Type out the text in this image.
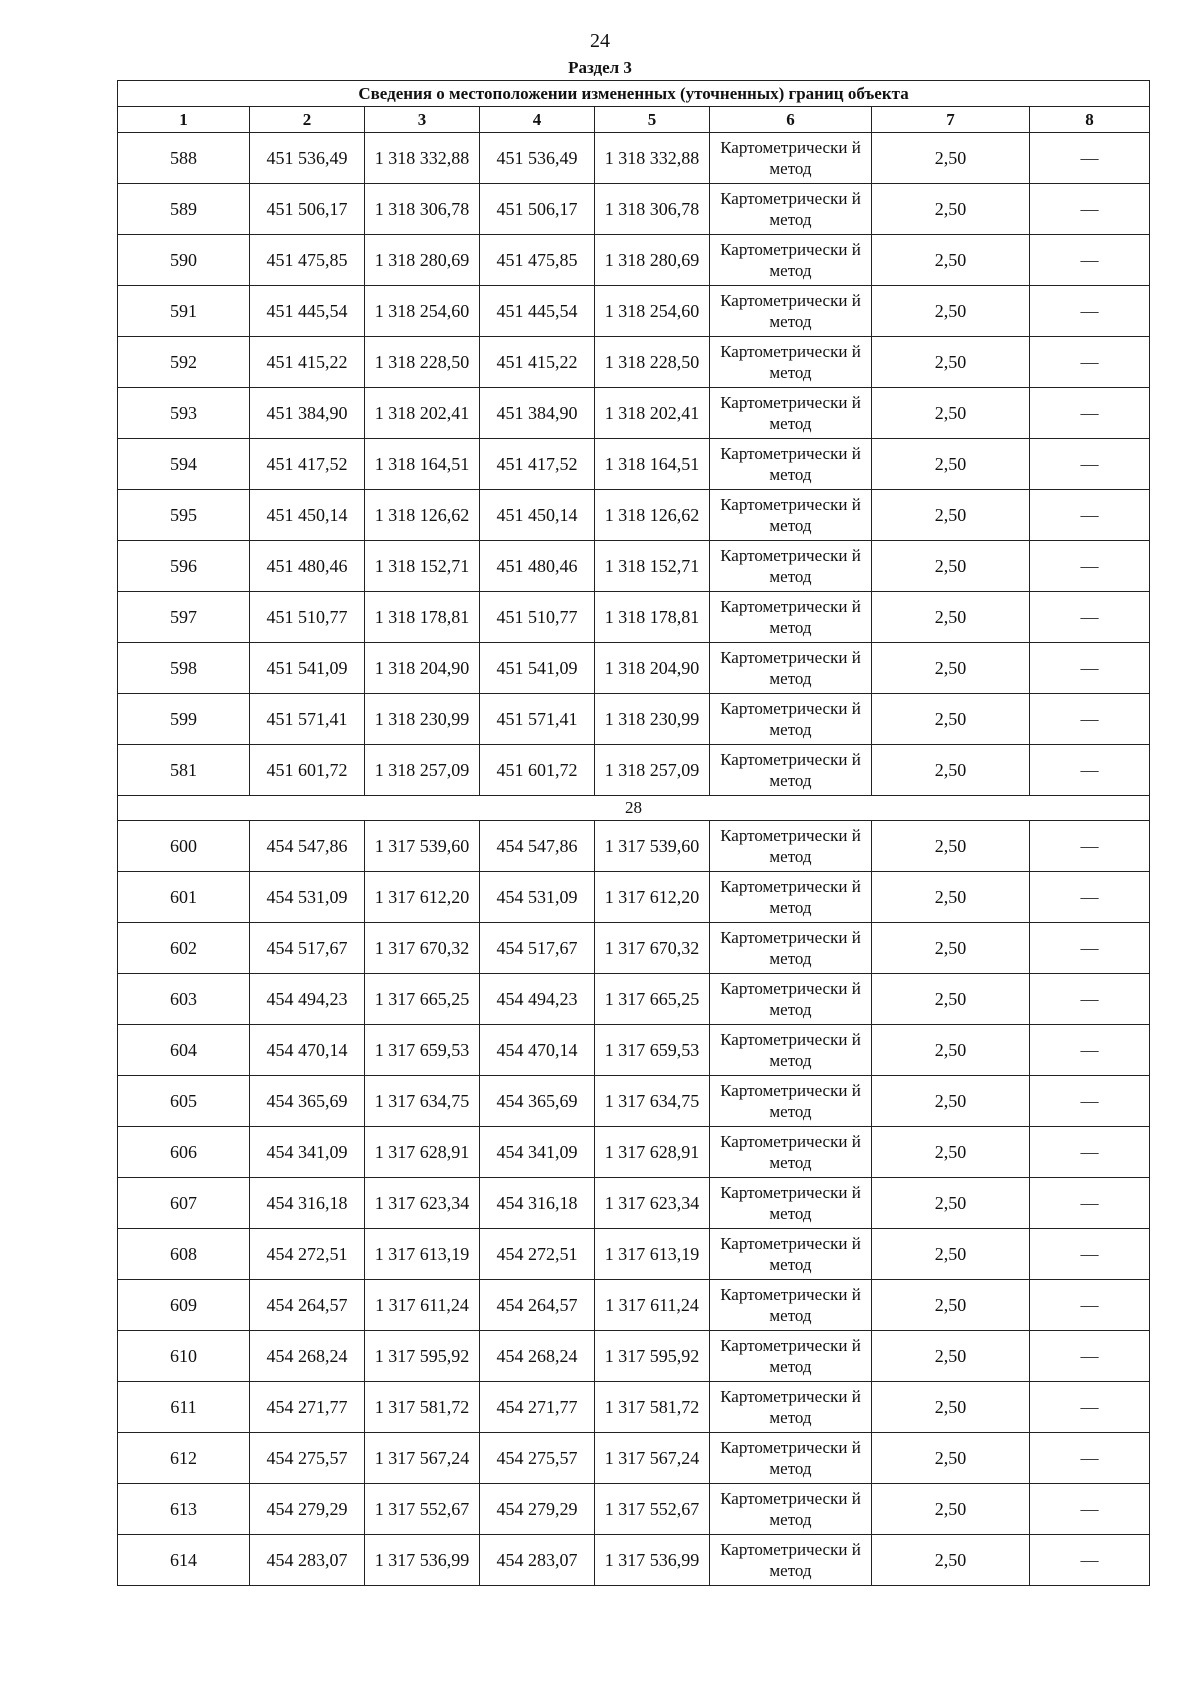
24
Раздел 3
Сведения о местоположении измененных (уточненных) границ объекта							
1	2	3	4	5	6	7	8
588	451 536,49	1 318 332,88	451 536,49	1 318 332,88	Картометрически й метод	2,50	—
589	451 506,17	1 318 306,78	451 506,17	1 318 306,78	Картометрически й метод	2,50	—
590	451 475,85	1 318 280,69	451 475,85	1 318 280,69	Картометрически й метод	2,50	—
591	451 445,54	1 318 254,60	451 445,54	1 318 254,60	Картометрически й метод	2,50	—
592	451 415,22	1 318 228,50	451 415,22	1 318 228,50	Картометрически й метод	2,50	—
593	451 384,90	1 318 202,41	451 384,90	1 318 202,41	Картометрически й метод	2,50	—
594	451 417,52	1 318 164,51	451 417,52	1 318 164,51	Картометрически й метод	2,50	—
595	451 450,14	1 318 126,62	451 450,14	1 318 126,62	Картометрически й метод	2,50	—
596	451 480,46	1 318 152,71	451 480,46	1 318 152,71	Картометрически й метод	2,50	—
597	451 510,77	1 318 178,81	451 510,77	1 318 178,81	Картометрически й метод	2,50	—
598	451 541,09	1 318 204,90	451 541,09	1 318 204,90	Картометрически й метод	2,50	—
599	451 571,41	1 318 230,99	451 571,41	1 318 230,99	Картометрически й метод	2,50	—
581	451 601,72	1 318 257,09	451 601,72	1 318 257,09	Картометрически й метод	2,50	—
28							
600	454 547,86	1 317 539,60	454 547,86	1 317 539,60	Картометрически й метод	2,50	—
601	454 531,09	1 317 612,20	454 531,09	1 317 612,20	Картометрически й метод	2,50	—
602	454 517,67	1 317 670,32	454 517,67	1 317 670,32	Картометрически й метод	2,50	—
603	454 494,23	1 317 665,25	454 494,23	1 317 665,25	Картометрически й метод	2,50	—
604	454 470,14	1 317 659,53	454 470,14	1 317 659,53	Картометрически й метод	2,50	—
605	454 365,69	1 317 634,75	454 365,69	1 317 634,75	Картометрически й метод	2,50	—
606	454 341,09	1 317 628,91	454 341,09	1 317 628,91	Картометрически й метод	2,50	—
607	454 316,18	1 317 623,34	454 316,18	1 317 623,34	Картометрически й метод	2,50	—
608	454 272,51	1 317 613,19	454 272,51	1 317 613,19	Картометрически й метод	2,50	—
609	454 264,57	1 317 611,24	454 264,57	1 317 611,24	Картометрически й метод	2,50	—
610	454 268,24	1 317 595,92	454 268,24	1 317 595,92	Картометрически й метод	2,50	—
611	454 271,77	1 317 581,72	454 271,77	1 317 581,72	Картометрически й метод	2,50	—
612	454 275,57	1 317 567,24	454 275,57	1 317 567,24	Картометрически й метод	2,50	—
613	454 279,29	1 317 552,67	454 279,29	1 317 552,67	Картометрически й метод	2,50	—
614	454 283,07	1 317 536,99	454 283,07	1 317 536,99	Картометрически й метод	2,50	—
